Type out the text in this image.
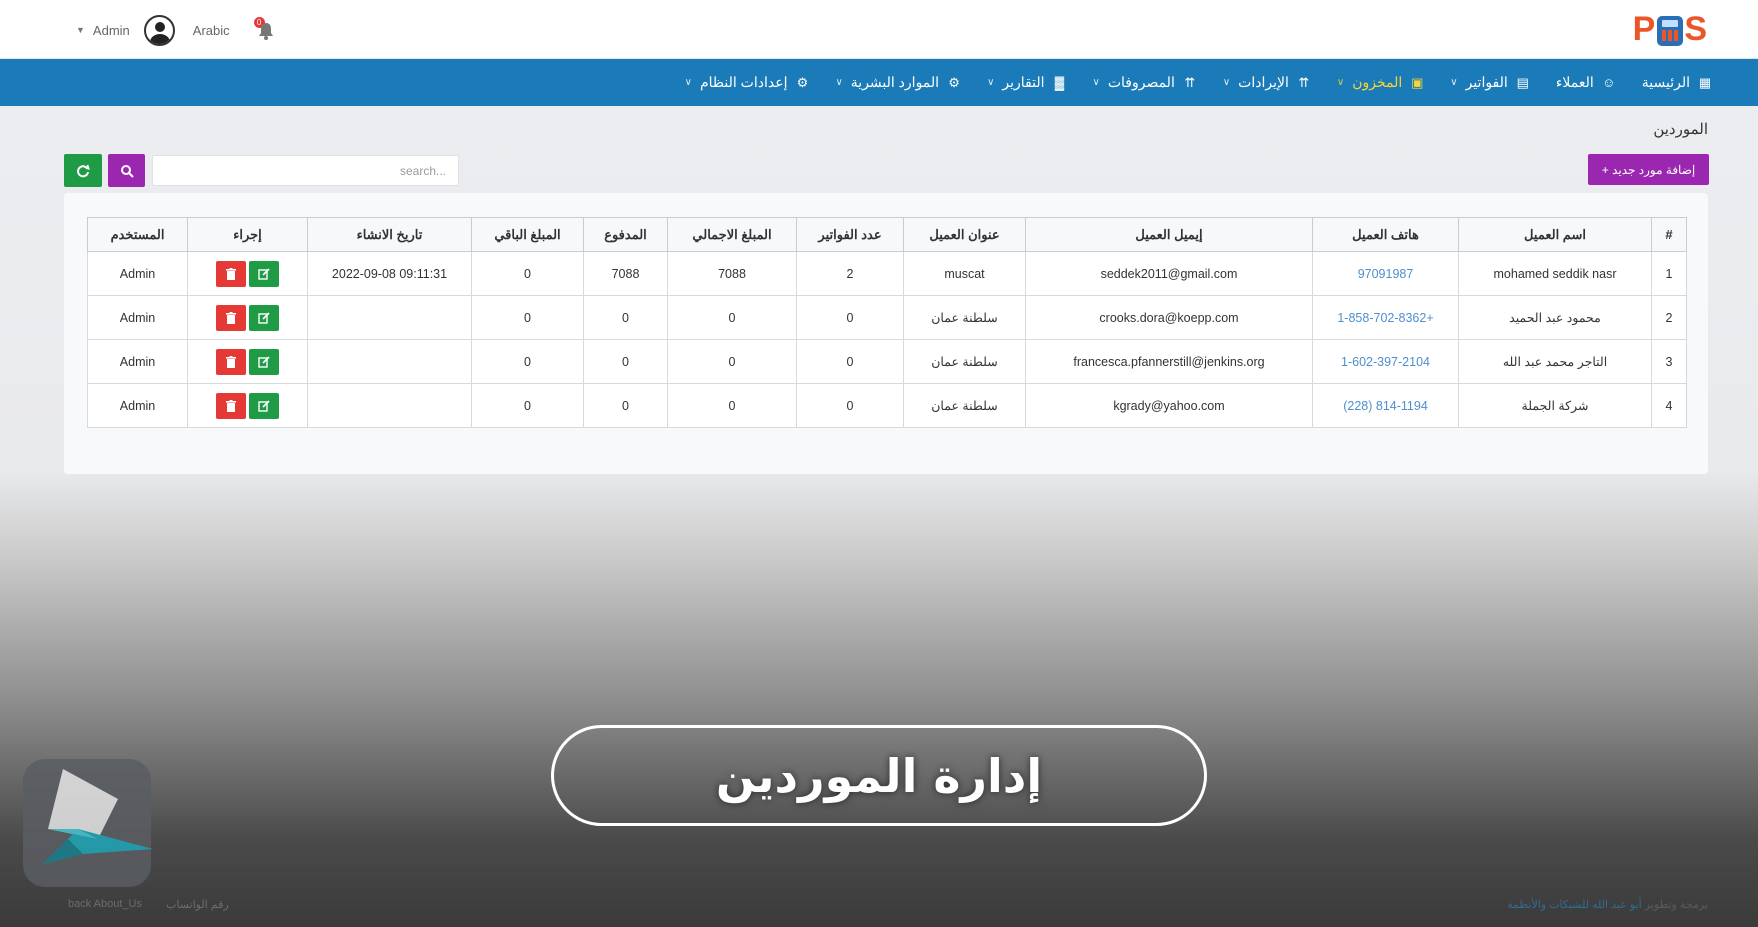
P S
▼ Admin	Arabic	0
▦
الرئيسية
☺
العملاء
▤
الفواتير
∨
▣
المخزون
∨
⇈
الإيرادات
∨
⇈
المصروفات
∨
▓
التقارير
∨
⚙
الموارد البشرية
∨
⚙
إعدادات النظام
∨
الموردين
+ إضافة مورد جديد
search...
#	اسم العميل	هاتف العميل	إيميل العميل	عنوان العميل	عدد الفواتير	المبلغ الاجمالي	المدفوع	المبلغ الباقي	تاريخ الانشاء	إجراء	المستخدم
1	mohamed seddik nasr	97091987	seddek2011@gmail.com	muscat	2	7088	7088	0	2022-09-08 09:11:31		Admin
2	محمود عبد الحميد	1-858-702-8362+	crooks.dora@koepp.com	سلطنة عمان	0	0	0	0			Admin
3	التاجر محمد عبد الله	1-602-397-2104	francesca.pfannerstill@jenkins.org	سلطنة عمان	0	0	0	0			Admin
4	شركة الجملة	(228) 814-1194	kgrady@yahoo.com	سلطنة عمان	0	0	0	0			Admin
إدارة الموردين
back About_Us رقم الواتساب	برمجة وتطوير أبو عبد الله للشبكات والأنظمة
